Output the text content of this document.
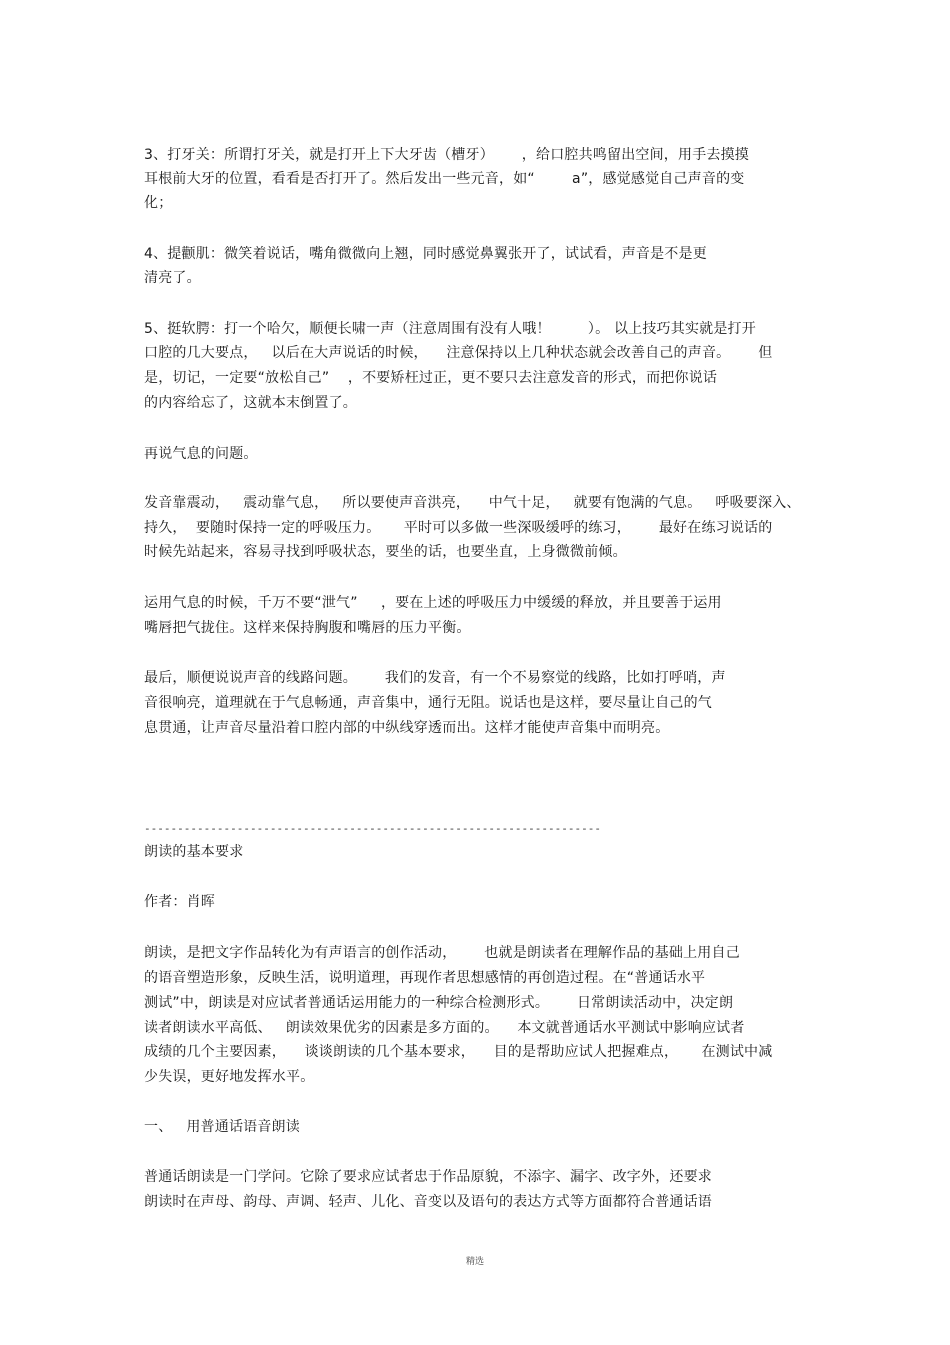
3、打牙关：所谓打牙关，就是打开上下大牙齿（槽牙）      ，给口腔共鸣留出空间，用手去摸摸
耳根前大牙的位置，看看是否打开了。然后发出一些元音，如“        a”，感觉感觉自己声音的变
化；
4、提颧肌：微笑着说话，嘴角微微向上翘，同时感觉鼻翼张开了，试试看，声音是不是更
清亮了。
5、挺软腭：打一个哈欠，顺便长啸一声（注意周围有没有人哦！        ）。 以上技巧其实就是打开
口腔的几大要点，   以后在大声说话的时候，    注意保持以上几种状态就会改善自己的声音。      但
是，切记，一定要“放松自己”    ，不要矫枉过正，更不要只去注意发音的形式，而把你说话
的内容给忘了，这就本末倒置了。
再说气息的问题。
发音靠震动，   震动靠气息，   所以要使声音洪亮，    中气十足，   就要有饱满的气息。   呼吸要深入、
持久，  要随时保持一定的呼吸压力。     平时可以多做一些深吸缓呼的练习，      最好在练习说话的
时候先站起来，容易寻找到呼吸状态，要坐的话，也要坐直，上身微微前倾。
运用气息的时候，千万不要“泄气”     ，要在上述的呼吸压力中缓缓的释放，并且要善于运用
嘴唇把气拢住。这样来保持胸腹和嘴唇的压力平衡。
最后，顺便说说声音的线路问题。      我们的发音，有一个不易察觉的线路，比如打呼哨，声
音很响亮，道理就在于气息畅通，声音集中，通行无阻。说话也是这样，要尽量让自己的气
息贯通，让声音尽量沿着口腔内部的中纵线穿透而出。这样才能使声音集中而明亮。
---------------------------------------------------------------------
朗读的基本要求
作者：肖晖
朗读，是把文字作品转化为有声语言的创作活动，      也就是朗读者在理解作品的基础上用自己
的语音塑造形象，反映生活，说明道理，再现作者思想感情的再创造过程。在“普通话水平
测试”中，朗读是对应试者普通话运用能力的一种综合检测形式。      日常朗读活动中，决定朗
读者朗读水平高低、   朗读效果优劣的因素是多方面的。    本文就普通话水平测试中影响应试者
成绩的几个主要因素，    谈谈朗读的几个基本要求，    目的是帮助应试人把握难点，     在测试中减
少失误，更好地发挥水平。
一、   用普通话语音朗读
普通话朗读是一门学问。它除了要求应试者忠于作品原貌，不添字、漏字、改字外，还要求
朗读时在声母、韵母、声调、轻声、儿化、音变以及语句的表达方式等方面都符合普通话语
精选
